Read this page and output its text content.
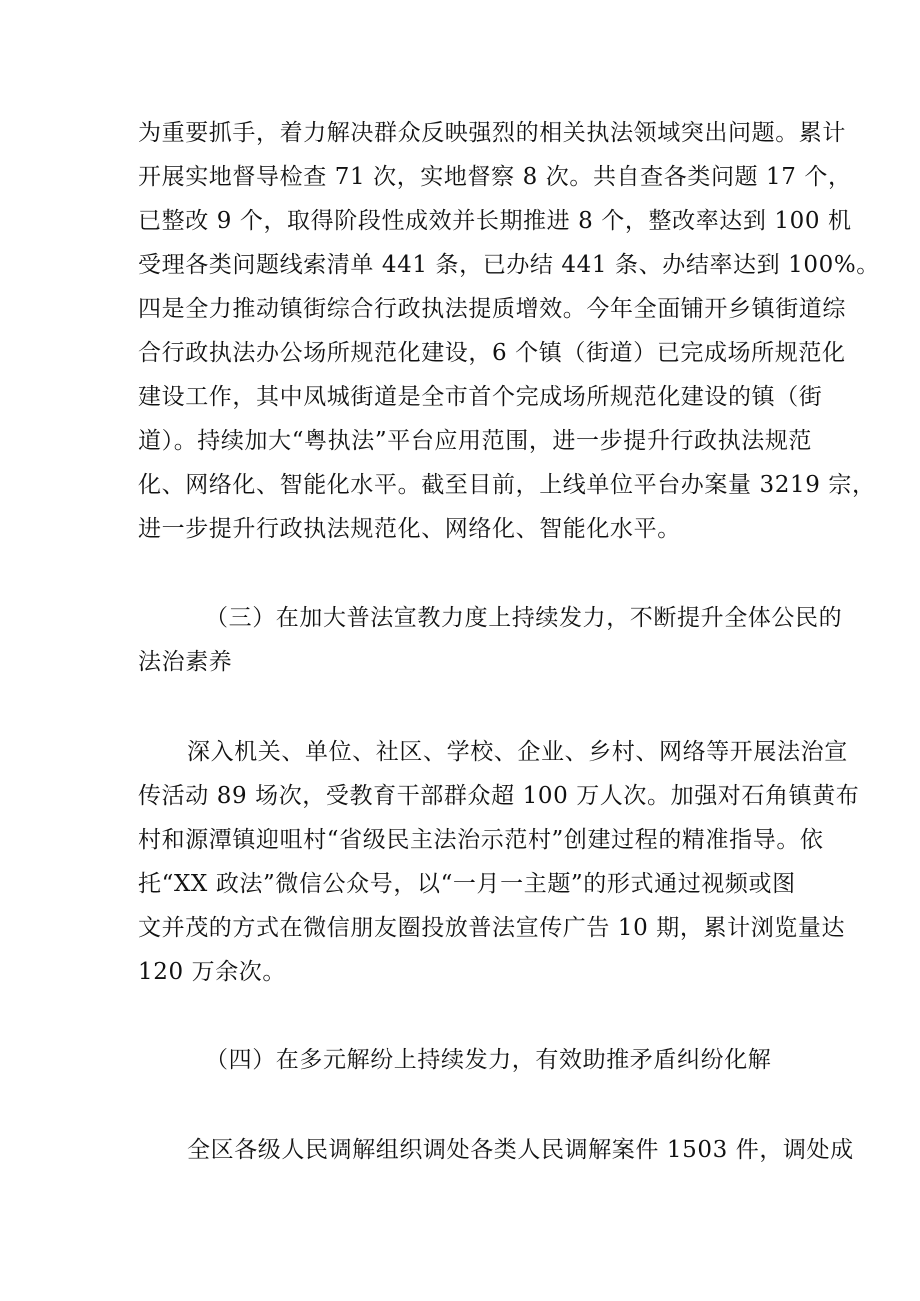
为重要抓手，着力解决群众反映强烈的相关执法领域突出问题。累计
开展实地督导检查 71 次，实地督察 8 次。共自查各类问题 17 个，
已整改 9 个，取得阶段性成效并长期推进 8 个，整改率达到 100 机
受理各类问题线索清单 441 条，已办结 441 条、办结率达到 100%。
四是全力推动镇街综合行政执法提质增效。今年全面铺开乡镇街道综
合行政执法办公场所规范化建设，6 个镇（街道）已完成场所规范化
建设工作，其中凤城街道是全市首个完成场所规范化建设的镇（街
道）。持续加大“粤执法”平台应用范围，进一步提升行政执法规范
化、网络化、智能化水平。截至目前，上线单位平台办案量 3219 宗，
进一步提升行政执法规范化、网络化、智能化水平。
（三）在加大普法宣教力度上持续发力，不断提升全体公民的
法治素养
深入机关、单位、社区、学校、企业、乡村、网络等开展法治宣
传活动 89 场次，受教育干部群众超 100 万人次。加强对石角镇黄布
村和源潭镇迎咀村“省级民主法治示范村”创建过程的精准指导。依
托“XX 政法”微信公众号，以“一月一主题”的形式通过视频或图
文并茂的方式在微信朋友圈投放普法宣传广告 10 期，累计浏览量达
120 万余次。
（四）在多元解纷上持续发力，有效助推矛盾纠纷化解
全区各级人民调解组织调处各类人民调解案件 1503 件，调处成
